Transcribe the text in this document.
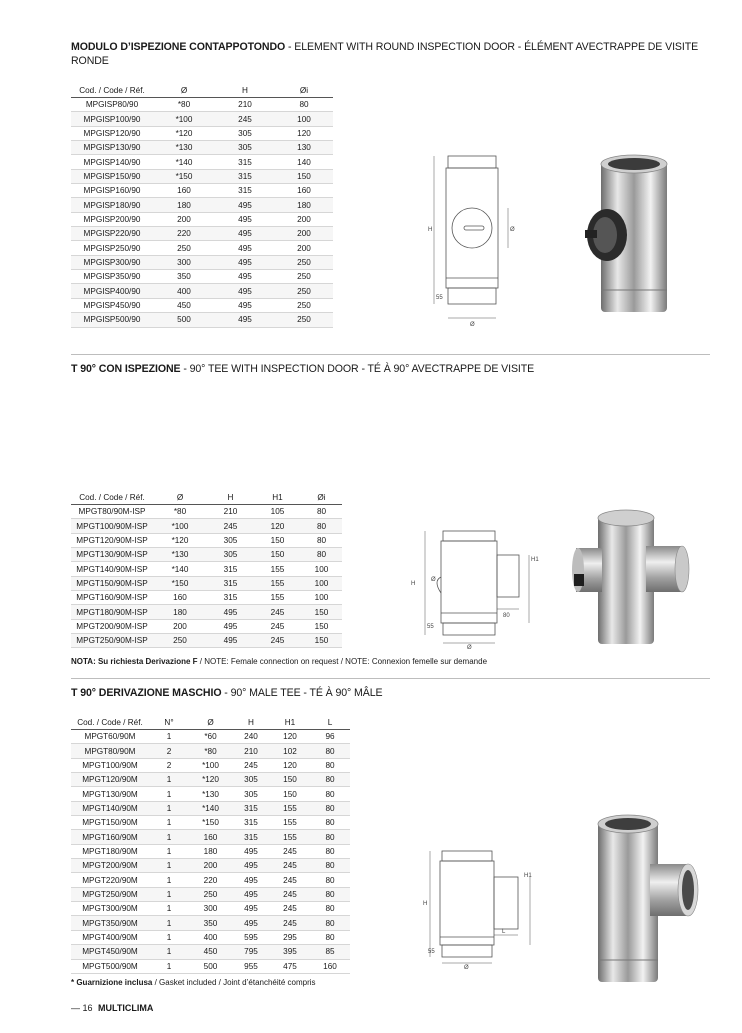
MODULO D’ISPEZIONE CONTAPPOTONDO - ELEMENT WITH ROUND INSPECTION DOOR - ÉLÉMENT AVECTRAPPE DE VISITE RONDE
Cod. / Code / Réf.	Ø	H	Øi
MPGISP80/90	*80	210	80
MPGISP100/90	*100	245	100
MPGISP120/90	*120	305	120
MPGISP130/90	*130	305	130
MPGISP140/90	*140	315	140
MPGISP150/90	*150	315	150
MPGISP160/90	160	315	160
MPGISP180/90	180	495	180
MPGISP200/90	200	495	200
MPGISP220/90	220	495	200
MPGISP250/90	250	495	200
MPGISP300/90	300	495	250
MPGISP350/90	350	495	250
MPGISP400/90	400	495	250
MPGISP450/90	450	495	250
MPGISP500/90	500	495	250
H	Ø
55
Ø
T 90° CON ISPEZIONE - 90° TEE WITH INSPECTION DOOR - TÉ À 90° AVECTRAPPE DE VISITE
Cod. / Code / Réf.	Ø	H	H1	Øi
MPGT80/90M-ISP	*80	210	105	80
MPGT100/90M-ISP	*100	245	120	80
MPGT120/90M-ISP	*120	305	150	80
MPGT130/90M-ISP	*130	305	150	80
MPGT140/90M-ISP	*140	315	155	100
MPGT150/90M-ISP	*150	315	155	100
MPGT160/90M-ISP	160	315	155	100
MPGT180/90M-ISP	180	495	245	150
MPGT200/90M-ISP	200	495	245	150
MPGT250/90M-ISP	250	495	245	150
H
H1
Ø
55
80
Ø
NOTA: Su richiesta Derivazione F / NOTE: Female connection on request / NOTE: Connexion femelle sur demande
T 90° DERIVAZIONE MASCHIO - 90° MALE TEE - TÉ À 90° MÂLE
Cod. / Code / Réf.	N°	Ø	H	H1	L
MPGT60/90M	1	*60	240	120	96
MPGT80/90M	2	*80	210	102	80
MPGT100/90M	2	*100	245	120	80
MPGT120/90M	1	*120	305	150	80
MPGT130/90M	1	*130	305	150	80
MPGT140/90M	1	*140	315	155	80
MPGT150/90M	1	*150	315	155	80
MPGT160/90M	1	160	315	155	80
MPGT180/90M	1	180	495	245	80
MPGT200/90M	1	200	495	245	80
MPGT220/90M	1	220	495	245	80
MPGT250/90M	1	250	495	245	80
MPGT300/90M	1	300	495	245	80
MPGT350/90M	1	350	495	245	80
MPGT400/90M	1	400	595	295	80
MPGT450/90M	1	450	795	395	85
MPGT500/90M	1	500	955	475	160
H
H1
L
55
Ø
* Guarnizione inclusa / Gasket included / Joint d’étanchéité compris
— 16 MULTICLIMA
